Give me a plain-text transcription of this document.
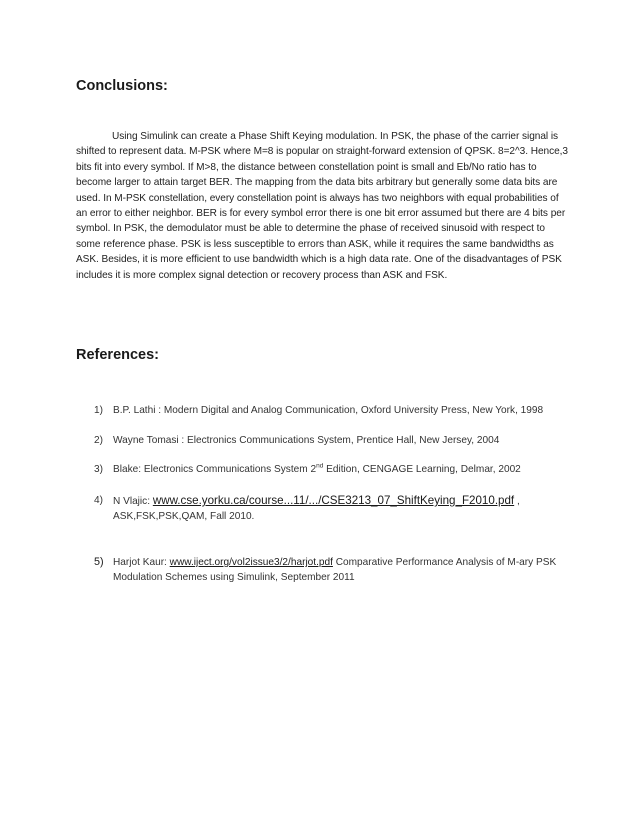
Conclusions:

Using Simulink can create a Phase Shift Keying modulation. In PSK, the phase of the carrier signal is shifted to represent data. M-PSK where M=8 is popular on straight-forward extension of QPSK. 8=2^3. Hence,3 bits fit into every symbol. If M>8, the distance between constellation point is small and Eb/No ratio has to become larger to attain target BER. The mapping from the data bits arbitrary but generally some data bits are used. In M-PSK constellation, every constellation point is always has two neighbors with equal probabilities of an error to either neighbor. BER is for every symbol error there is one bit error assumed but there are 4 bits per symbol. In PSK, the demodulator must be able to determine the phase of received sinusoid with respect to some reference phase. PSK is less susceptible to errors than ASK, while it requires the same bandwidths as ASK. Besides, it is more efficient to use bandwidth which is a high data rate. One of the disadvantages of PSK includes it is more complex signal detection or recovery process than ASK and FSK.

References:
1) B.P. Lathi : Modern Digital and Analog Communication, Oxford University Press, New York, 1998
2) Wayne Tomasi : Electronics Communications System, Prentice Hall, New Jersey, 2004
3) Blake: Electronics Communications System 2nd Edition, CENGAGE Learning, Delmar, 2002
4) N Vlajic: www.cse.yorku.ca/course...11/.../CSE3213_07_ShiftKeying_F2010.pdf ,
ASK,FSK,PSK,QAM, Fall 2010.
5) Harjot Kaur: www.iject.org/vol2issue3/2/harjot.pdf Comparative Performance Analysis of M-ary PSK Modulation Schemes using Simulink, September 2011
